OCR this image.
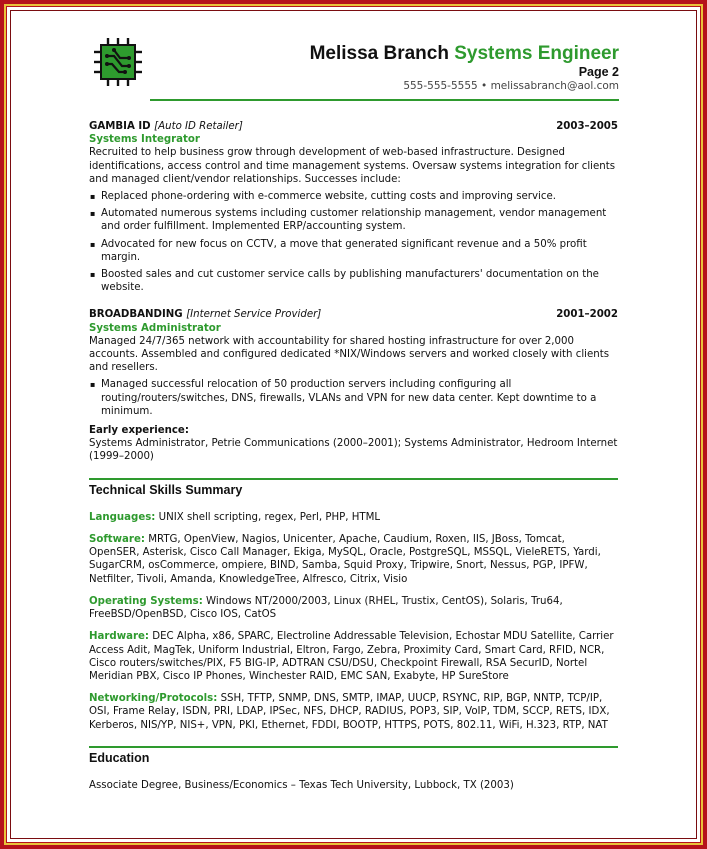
Melissa Branch Systems Engineer
Page 2
555-555-5555 • melissabranch@aol.com
GAMBIA ID [Auto ID Retailer]	2003–2005
Systems Integrator

Recruited to help business grow through development of web-based infrastructure. Designed identifications, access control and time management systems. Oversaw systems integration for clients and managed client/vendor relationships. Successes include:

▪ Replaced phone-ordering with e-commerce website, cutting costs and improving service.
▪ Automated numerous systems including customer relationship management, vendor management and order fulfillment. Implemented ERP/accounting system.
▪ Advocated for new focus on CCTV, a move that generated significant revenue and a 50% profit margin.
▪ Boosted sales and cut customer service calls by publishing manufacturers' documentation on the website.
BROADBANDING [Internet Service Provider]	2001–2002
Systems Administrator

Managed 24/7/365 network with accountability for shared hosting infrastructure for over 2,000 accounts. Assembled and configured dedicated *NIX/Windows servers and worked closely with clients and resellers.

▪ Managed successful relocation of 50 production servers including configuring all routing/routers/switches, DNS, firewalls, VLANs and VPN for new data center. Kept downtime to a minimum.
Early experience:

Systems Administrator, Petrie Communications (2000–2001); Systems Administrator, Hedroom Internet (1999–2000)

Technical Skills Summary

Languages: UNIX shell scripting, regex, Perl, PHP, HTML

Software: MRTG, OpenView, Nagios, Unicenter, Apache, Caudium, Roxen, IIS, JBoss, Tomcat, OpenSER, Asterisk, Cisco Call Manager, Ekiga, MySQL, Oracle, PostgreSQL, MSSQL, VieleRETS, Yardi, SugarCRM, osCommerce, ompiere, BIND, Samba, Squid Proxy, Tripwire, Snort, Nessus, PGP, IPFW, Netfilter, Tivoli, Amanda, KnowledgeTree, Alfresco, Citrix, Visio

Operating Systems: Windows NT/2000/2003, Linux (RHEL, Trustix, CentOS), Solaris, Tru64, FreeBSD/OpenBSD, Cisco IOS, CatOS

Hardware: DEC Alpha, x86, SPARC, Electroline Addressable Television, Echostar MDU Satellite, Carrier Access Adit, MagTek, Uniform Industrial, Eltron, Fargo, Zebra, Proximity Card, Smart Card, RFID, NCR, Cisco routers/switches/PIX, F5 BIG-IP, ADTRAN CSU/DSU, Checkpoint Firewall, RSA SecurID, Nortel Meridian PBX, Cisco IP Phones, Winchester RAID, EMC SAN, Exabyte, HP SureStore

Networking/Protocols: SSH, TFTP, SNMP, DNS, SMTP, IMAP, UUCP, RSYNC, RIP, BGP, NNTP, TCP/IP, OSI, Frame Relay, ISDN, PRI, LDAP, IPSec, NFS, DHCP, RADIUS, POP3, SIP, VoIP, TDM, SCCP, RETS, IDX, Kerberos, NIS/YP, NIS+, VPN, PKI, Ethernet, FDDI, BOOTP, HTTPS, POTS, 802.11, WiFi, H.323, RTP, NAT

Education

Associate Degree, Business/Economics – Texas Tech University, Lubbock, TX (2003)
